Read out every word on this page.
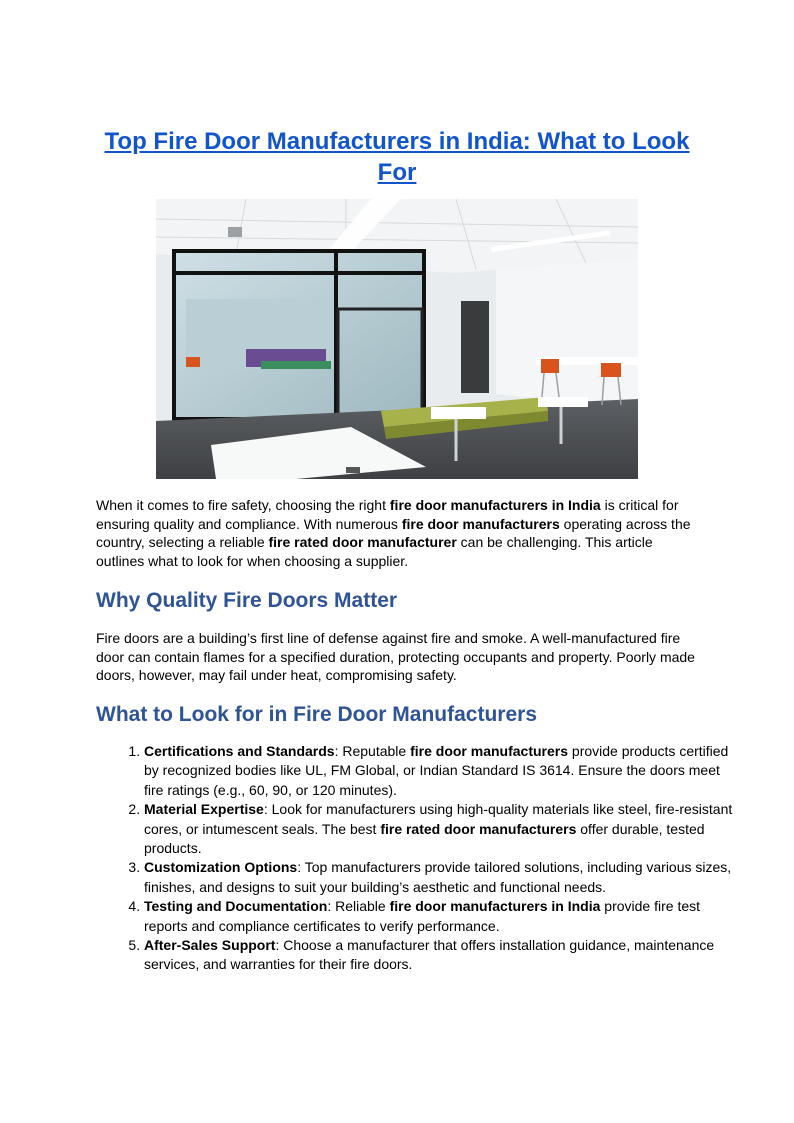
Top Fire Door Manufacturers in India: What to Look For

When it comes to fire safety, choosing the right fire door manufacturers in India is critical for ensuring quality and compliance. With numerous fire door manufacturers operating across the country, selecting a reliable fire rated door manufacturer can be challenging. This article outlines what to look for when choosing a supplier.

Why Quality Fire Doors Matter

Fire doors are a building’s first line of defense against fire and smoke. A well-manufactured fire door can contain flames for a specified duration, protecting occupants and property. Poorly made doors, however, may fail under heat, compromising safety.

What to Look for in Fire Door Manufacturers
1. Certifications and Standards: Reputable fire door manufacturers provide products certified by recognized bodies like UL, FM Global, or Indian Standard IS 3614. Ensure the doors meet fire ratings (e.g., 60, 90, or 120 minutes).
2. Material Expertise: Look for manufacturers using high-quality materials like steel, fire-resistant cores, or intumescent seals. The best fire rated door manufacturers offer durable, tested products.
3. Customization Options: Top manufacturers provide tailored solutions, including various sizes, finishes, and designs to suit your building’s aesthetic and functional needs.
4. Testing and Documentation: Reliable fire door manufacturers in India provide fire test reports and compliance certificates to verify performance.
5. After-Sales Support: Choose a manufacturer that offers installation guidance, maintenance services, and warranties for their fire doors.
